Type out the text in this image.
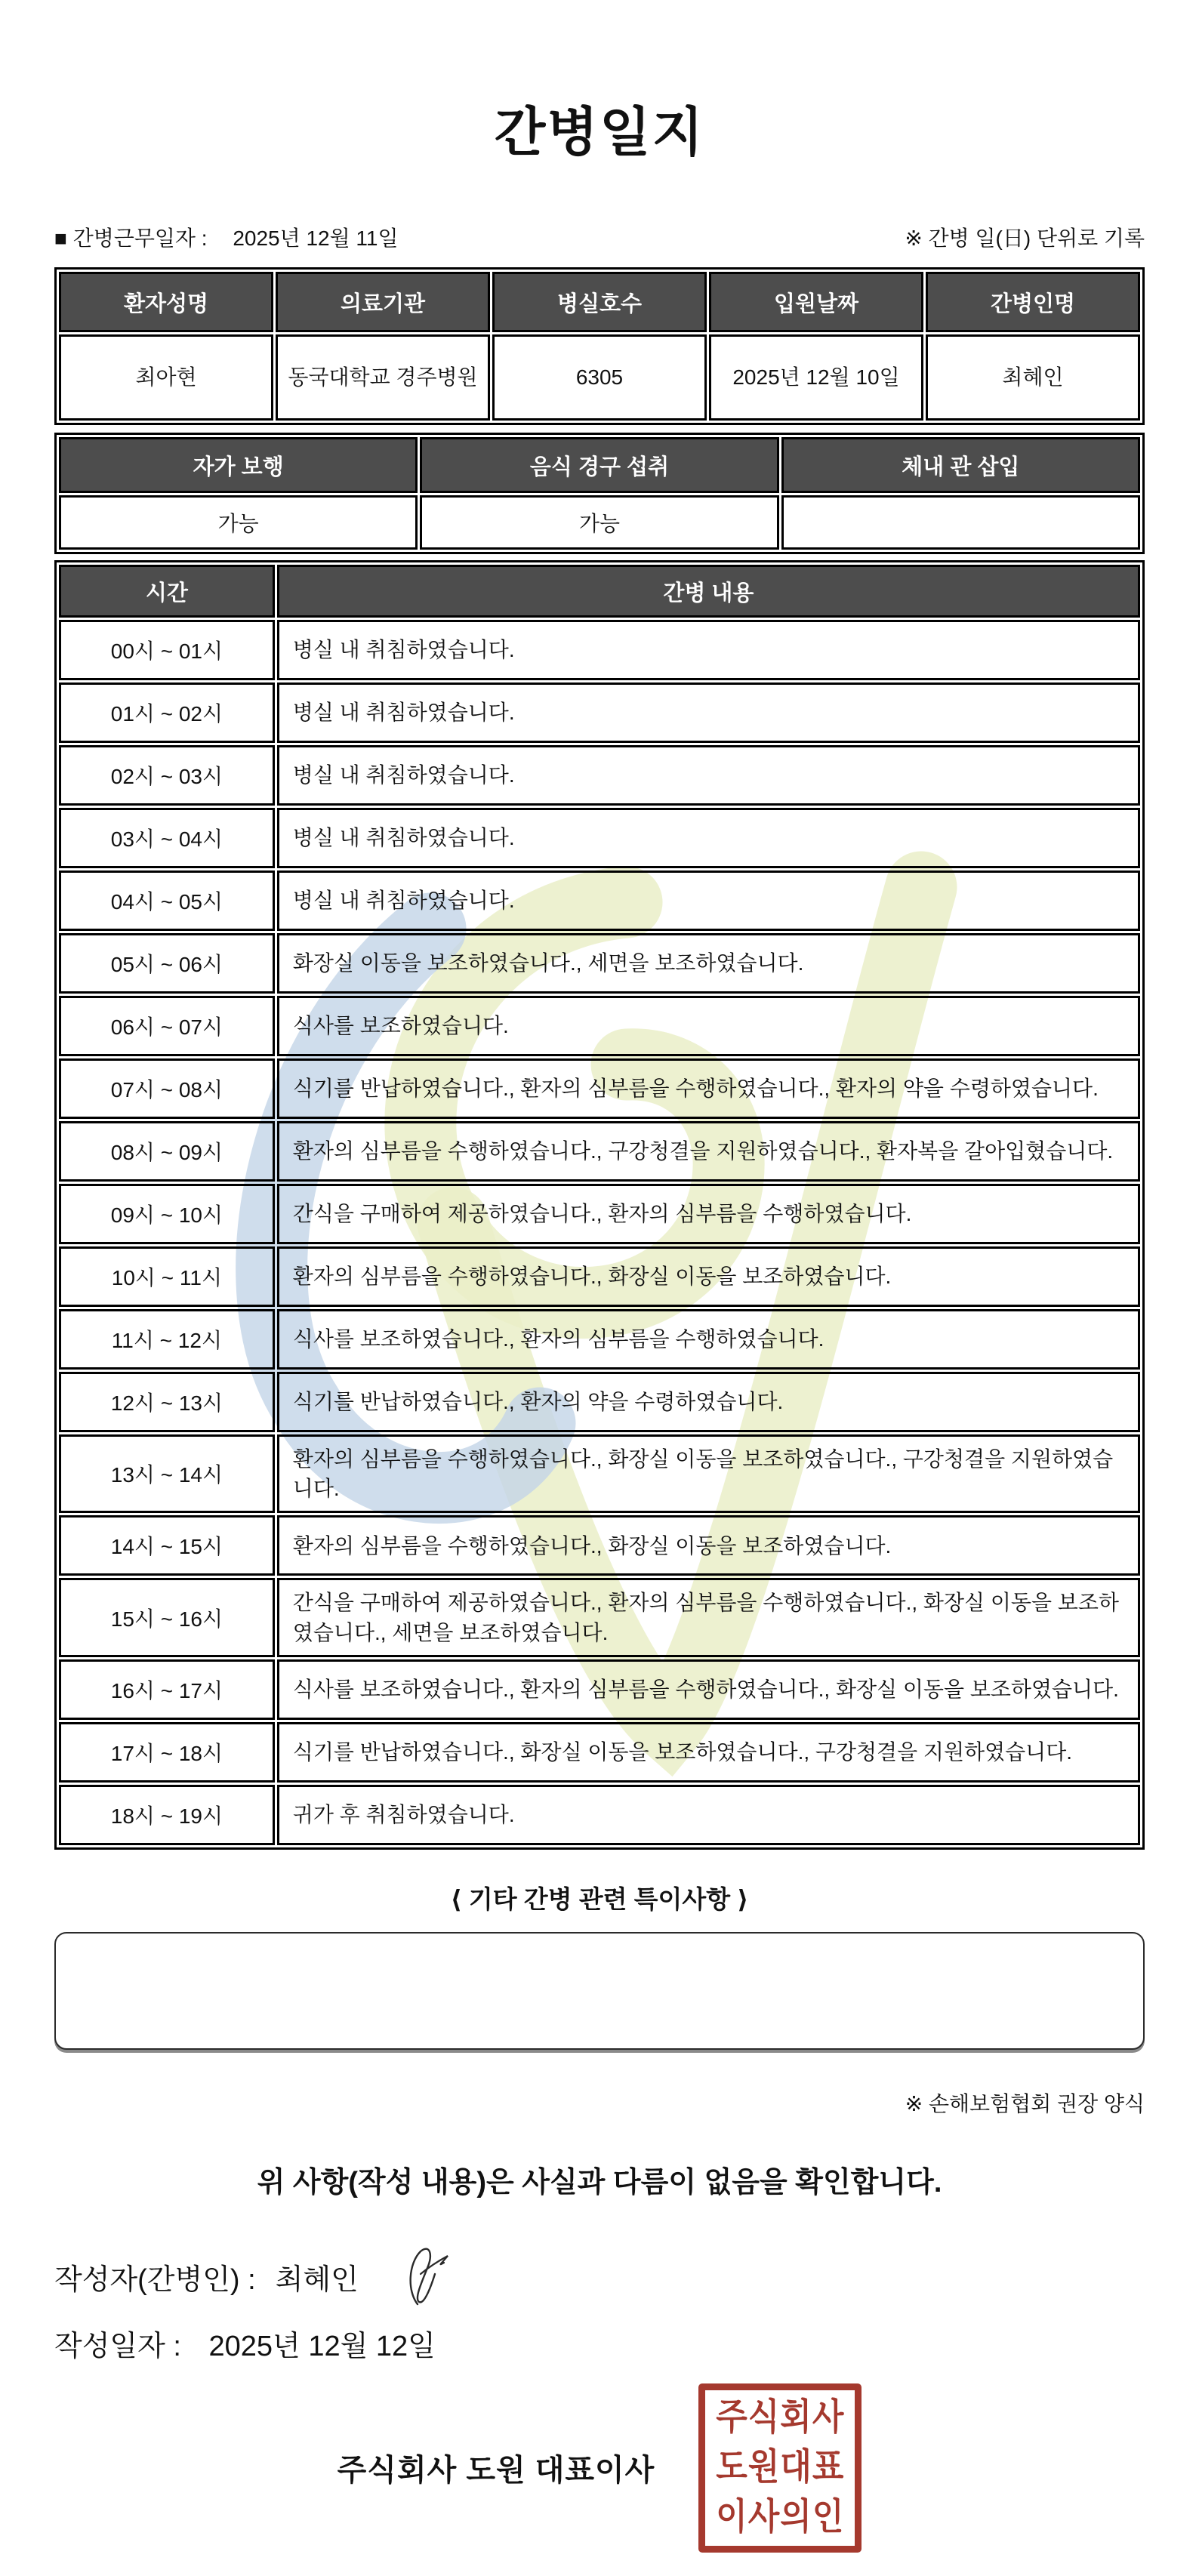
간병일지
■ 간병근무일자 : 2025년 12월 11일	※ 간병 일(日) 단위로 기록
환자성명	의료기관	병실호수	입원날짜	간병인명
최아현	동국대학교 경주병원	6305	2025년 12월 10일	최혜인
자가 보행	음식 경구 섭취	체내 관 삽입
가능	가능	
시간	간병 내용
00시 ~ 01시	병실 내 취침하였습니다.
01시 ~ 02시	병실 내 취침하였습니다.
02시 ~ 03시	병실 내 취침하였습니다.
03시 ~ 04시	병실 내 취침하였습니다.
04시 ~ 05시	병실 내 취침하였습니다.
05시 ~ 06시	화장실 이동을 보조하였습니다., 세면을 보조하였습니다.
06시 ~ 07시	식사를 보조하였습니다.
07시 ~ 08시	식기를 반납하였습니다., 환자의 심부름을 수행하였습니다., 환자의 약을 수령하였습니다.
08시 ~ 09시	환자의 심부름을 수행하였습니다., 구강청결을 지원하였습니다., 환자복을 갈아입혔습니다.
09시 ~ 10시	간식을 구매하여 제공하였습니다., 환자의 심부름을 수행하였습니다.
10시 ~ 11시	환자의 심부름을 수행하였습니다., 화장실 이동을 보조하였습니다.
11시 ~ 12시	식사를 보조하였습니다., 환자의 심부름을 수행하였습니다.
12시 ~ 13시	식기를 반납하였습니다., 환자의 약을 수령하였습니다.
13시 ~ 14시	환자의 심부름을 수행하였습니다., 화장실 이동을 보조하였습니다., 구강청결을 지원하였습니다.
14시 ~ 15시	환자의 심부름을 수행하였습니다., 화장실 이동을 보조하였습니다.
15시 ~ 16시	간식을 구매하여 제공하였습니다., 환자의 심부름을 수행하였습니다., 화장실 이동을 보조하였습니다., 세면을 보조하였습니다.
16시 ~ 17시	식사를 보조하였습니다., 환자의 심부름을 수행하였습니다., 화장실 이동을 보조하였습니다.
17시 ~ 18시	식기를 반납하였습니다., 화장실 이동을 보조하였습니다., 구강청결을 지원하였습니다.
18시 ~ 19시	귀가 후 취침하였습니다.
⟨ 기타 간병 관련 특이사항 ⟩
※ 손해보험협회 권장 양식
위 사항(작성 내용)은 사실과 다름이 없음을 확인합니다.
작성자(간병인) : 최혜인
작성일자 : 2025년 12월 12일
주식회사 도원 대표이사
주식회사
도원대표
이사의인
